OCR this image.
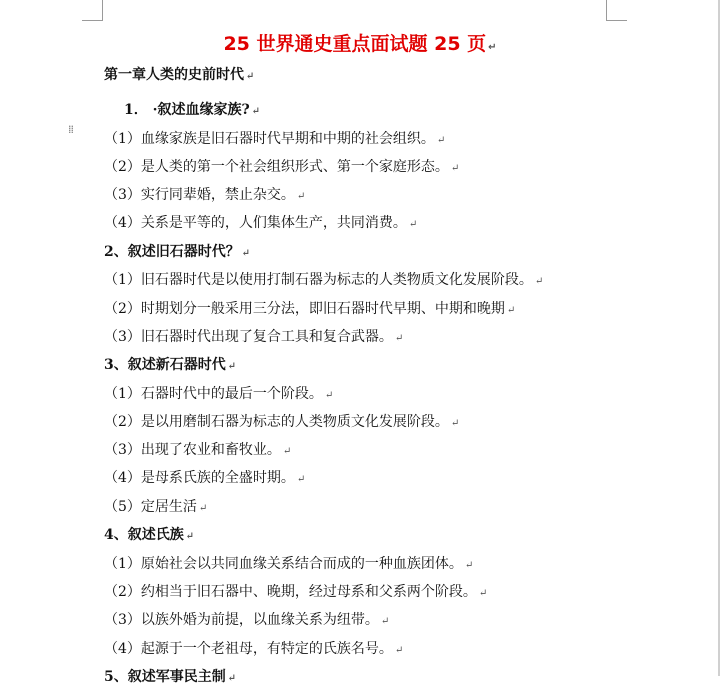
⁞⁞
25 世界通史重点面试题 25 页 ↵
第一章人类的史前时代 ↵
1． ·叙述血缘家族? ↵
（1）血缘家族是旧石器时代早期和中期的社会组织。 ↵
（2）是人类的第一个社会组织形式、第一个家庭形态。 ↵
（3）实行同辈婚，禁止杂交。 ↵
（4）关系是平等的，人们集体生产，共同消费。 ↵
2、叙述旧石器时代？ ↵
（1）旧石器时代是以使用打制石器为标志的人类物质文化发展阶段。 ↵
（2）时期划分一般采用三分法，即旧石器时代早期、中期和晚期 ↵
（3）旧石器时代出现了复合工具和复合武器。 ↵
3、叙述新石器时代 ↵
（1）石器时代中的最后一个阶段。 ↵
（2）是以用磨制石器为标志的人类物质文化发展阶段。 ↵
（3）出现了农业和畜牧业。 ↵
（4）是母系氏族的全盛时期。 ↵
（5）定居生活 ↵
4、叙述氏族 ↵
（1）原始社会以共同血缘关系结合而成的一种血族团体。 ↵
（2）约相当于旧石器中、晚期，经过母系和父系两个阶段。 ↵
（3）以族外婚为前提，以血缘关系为纽带。 ↵
（4）起源于一个老祖母，有特定的氏族名号。 ↵
5、叙述军事民主制 ↵
